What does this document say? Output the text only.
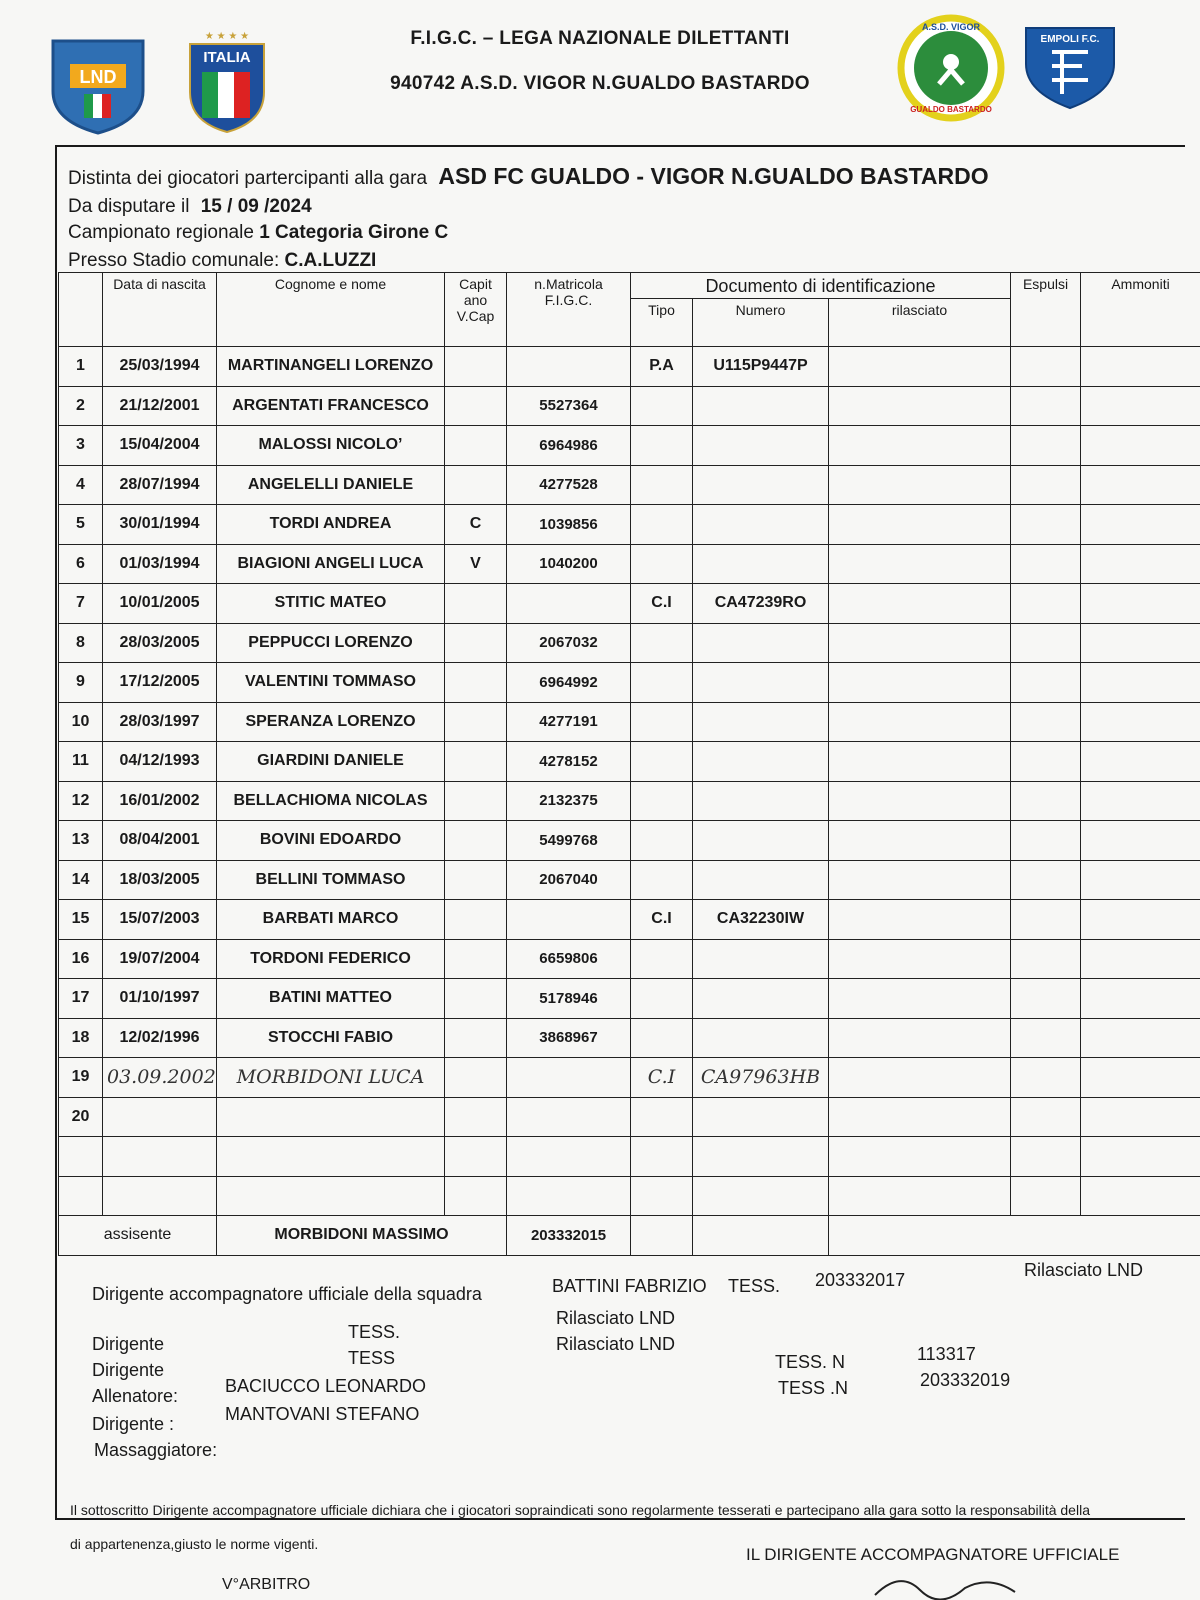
LND
★ ★ ★ ★
ITALIA
A.S.D. VIGOR
GUALDO BASTARDO
EMPOLI F.C.
F.I.G.C. – LEGA NAZIONALE DILETTANTI
940742 A.S.D. VIGOR N.GUALDO BASTARDO
Distinta dei giocatori partercipanti alla gara ASD FC GUALDO - VIGOR N.GUALDO BASTARDO
Da disputare il 15 / 09 /2024
Campionato regionale 1 Categoria Girone C
Presso Stadio comunale: C.A.LUZZI
	Data di nascita	Cognome e nome	Capit ano V.Cap	n.Matricola F.I.G.C.	Documento di identificazione			Espulsi	Ammoniti
					Tipo	Numero	rilasciato		
1	25/03/1994	MARTINANGELI LORENZO			P.A	U115P9447P			
2	21/12/2001	ARGENTATI FRANCESCO		5527364					
3	15/04/2004	MALOSSI NICOLO’		6964986					
4	28/07/1994	ANGELELLI DANIELE		4277528					
5	30/01/1994	TORDI ANDREA	C	1039856					
6	01/03/1994	BIAGIONI ANGELI LUCA	V	1040200					
7	10/01/2005	STITIC MATEO			C.I	CA47239RO			
8	28/03/2005	PEPPUCCI LORENZO		2067032					
9	17/12/2005	VALENTINI TOMMASO		6964992					
10	28/03/1997	SPERANZA LORENZO		4277191					
11	04/12/1993	GIARDINI DANIELE		4278152					
12	16/01/2002	BELLACHIOMA NICOLAS		2132375					
13	08/04/2001	BOVINI EDOARDO		5499768					
14	18/03/2005	BELLINI TOMMASO		2067040					
15	15/07/2003	BARBATI MARCO			C.I	CA32230IW			
16	19/07/2004	TORDONI FEDERICO		6659806					
17	01/10/1997	BATINI MATTEO		5178946					
18	12/02/1996	STOCCHI FABIO		3868967					
19	03.09.2002	MORBIDONI LUCA			C.I	CA97963HB			
20									

assisente		MORBIDONI MASSIMO		203332015					
Dirigente accompagnatore ufficiale della squadra	BATTINI FABRIZIO TESS. 203332017	Rilasciato LND
Dirigente
TESS.
Rilasciato LND
Dirigente
TESS
Rilasciato LND
Allenatore:	BACIUCCO LEONARDO
TESS. N	113317
Dirigente :	MANTOVANI STEFANO
TESS .N	203332019
Massaggiatore:
Il sottoscritto Dirigente accompagnatore ufficiale dichiara che i giocatori sopraindicati sono regolarmente tesserati e partecipano alla gara sotto la responsabilità della
di appartenenza,giusto le norme vigenti.
IL DIRIGENTE ACCOMPAGNATORE UFFICIALE
V°ARBITRO
